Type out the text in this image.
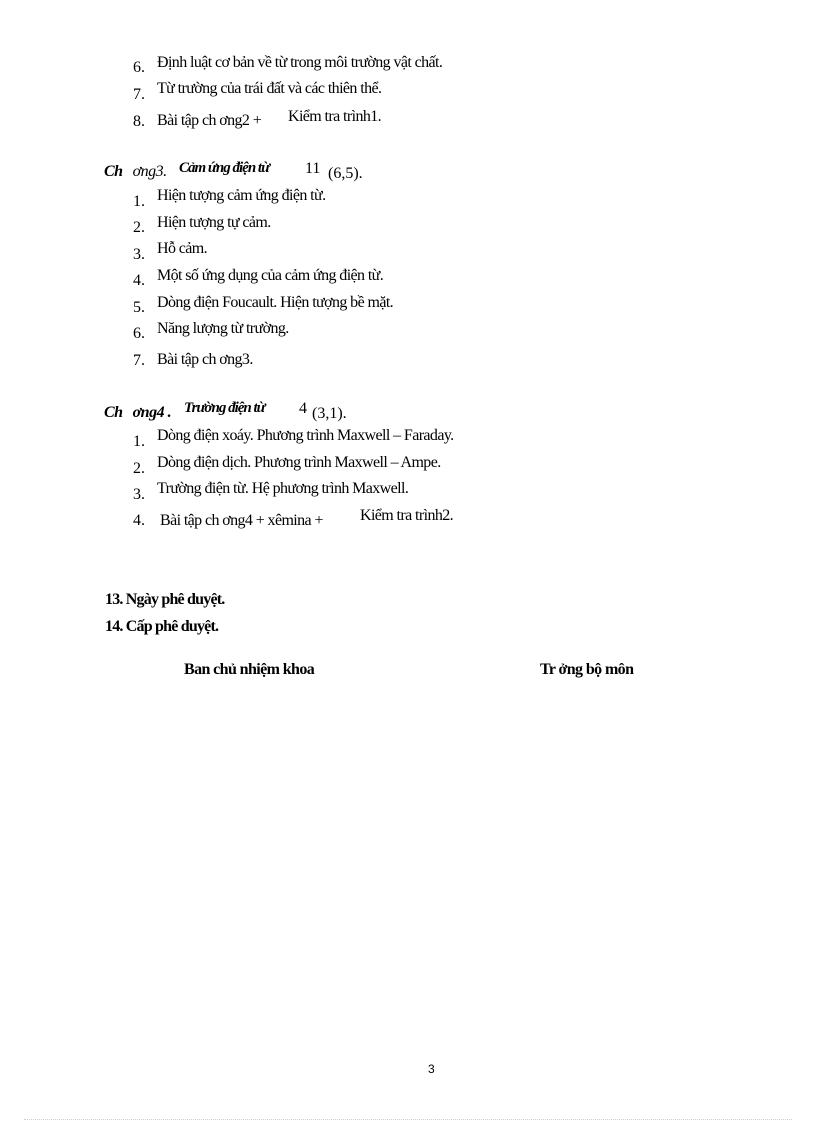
6. Định luật cơ bản về từ trong môi trường vật chất.
7. Từ trường của trái đất và các thiên thể.
8. Bài tập ch ơng2 + Kiểm tra trình1.
Ch ơng3. Cảm ứng điện từ 11 (6,5).
1. Hiện tượng cảm ứng điện từ.
2. Hiện tượng tự cảm.
3. Hỗ cảm.
4. Một số ứng dụng của cảm ứng điện từ.
5. Dòng điện Foucault. Hiện tượng bề mặt.
6. Năng lượng từ trường.
7. Bài tập ch ơng3.
Ch ơng4 . Trường điện từ 4 (3,1).
1. Dòng điện xoáy. Phương trình Maxwell – Faraday.
2. Dòng điện dịch. Phương trình Maxwell – Ampe.
3. Trường điện từ. Hệ phương trình Maxwell.
4. Bài tập ch ơng4 + xêmina + Kiểm tra trình2.
13. Ngày phê duyệt.
14. Cấp phê duyệt.
Ban chủ nhiệm khoa	Tr ởng bộ môn
3
